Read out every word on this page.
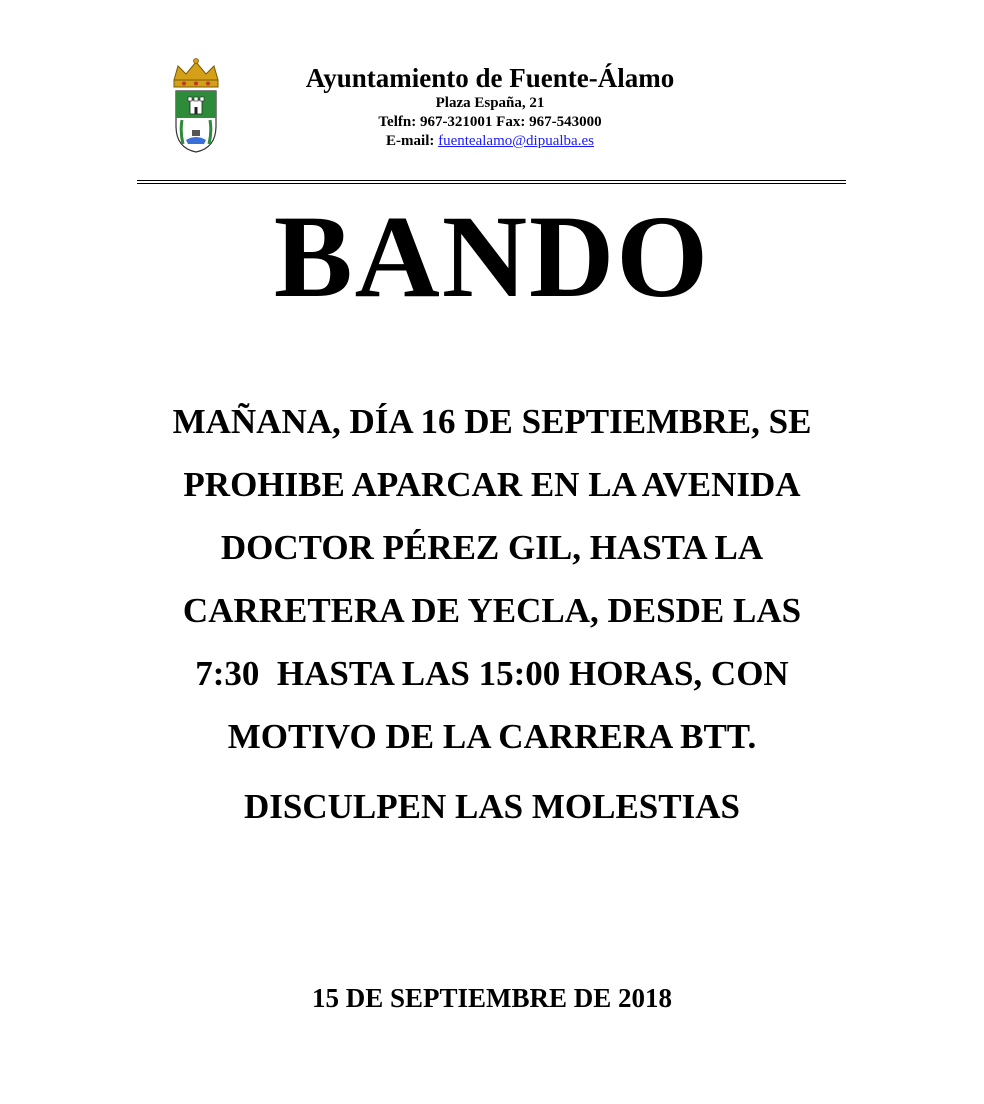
Ayuntamiento de Fuente-Álamo
Plaza España, 21
Telfn: 967-321001 Fax: 967-543000
E-mail: fuentealamo@dipualba.es
BANDO
MAÑANA, DÍA 16 DE SEPTIEMBRE, SE
PROHIBE APARCAR EN LA AVENIDA
DOCTOR PÉREZ GIL, HASTA LA
CARRETERA DE YECLA, DESDE LAS
7:30  HASTA LAS 15:00 HORAS, CON
MOTIVO DE LA CARRERA BTT.
DISCULPEN LAS MOLESTIAS
15 DE SEPTIEMBRE DE 2018
